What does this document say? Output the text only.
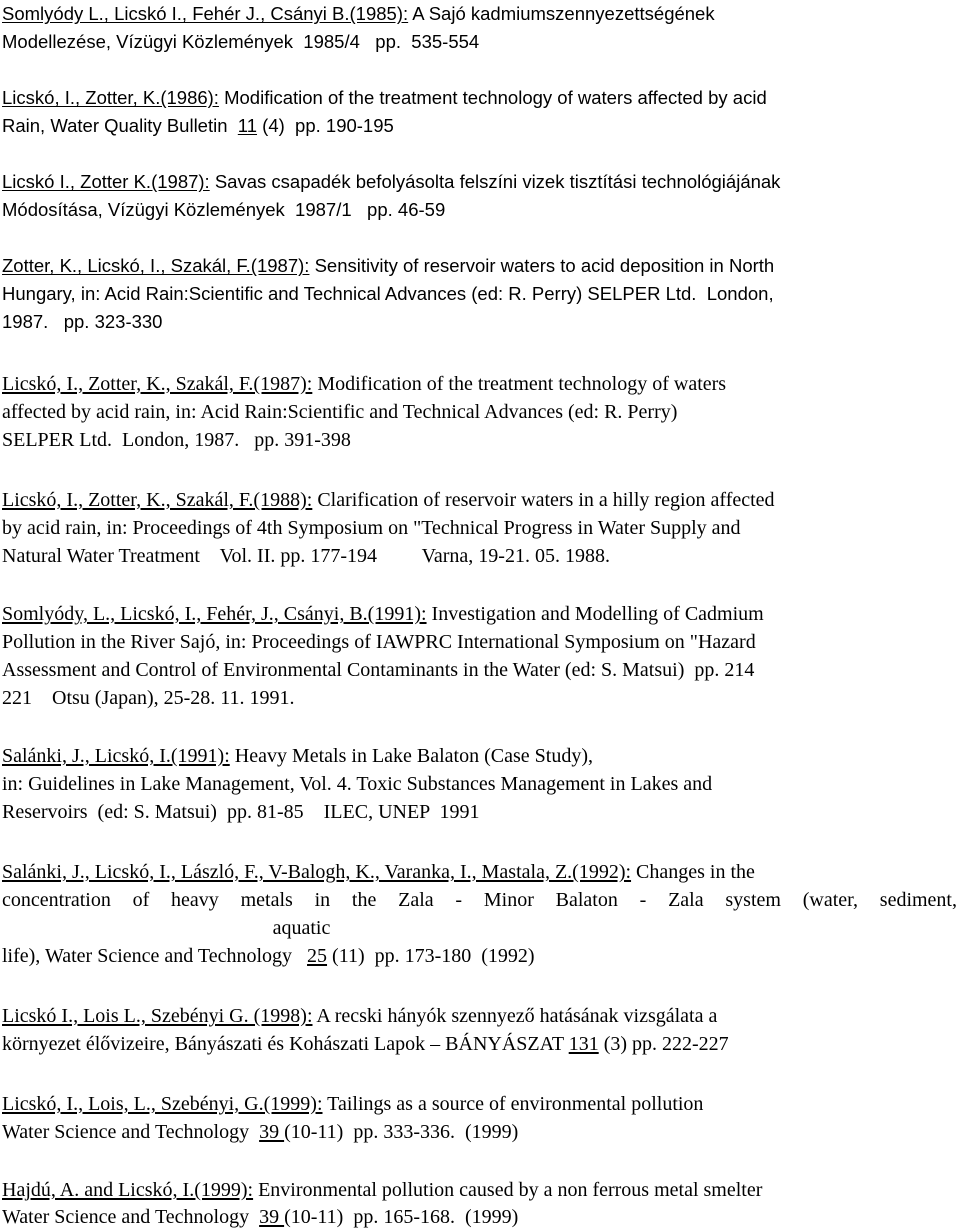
Somlyódy L., Licskó I., Fehér J., Csányi B.(1985): A Sajó kadmiumszennyezettségének
Modellezése, Vízügyi Közlemények  1985/4   pp.  535-554
Licskó, I., Zotter, K.(1986): Modification of the treatment technology of waters affected by acid
Rain, Water Quality Bulletin  11 (4)  pp. 190-195
Licskó I., Zotter K.(1987): Savas csapadék befolyásolta felszíni vizek tisztítási technológiájának
Módosítása, Vízügyi Közlemények  1987/1   pp. 46-59
Zotter, K., Licskó, I., Szakál, F.(1987): Sensitivity of reservoir waters to acid deposition in North
Hungary, in: Acid Rain:Scientific and Technical Advances (ed: R. Perry) SELPER Ltd.  London,
1987.   pp. 323-330
Licskó, I., Zotter, K., Szakál, F.(1987): Modification of the treatment technology of waters
affected by acid rain, in: Acid Rain:Scientific and Technical Advances (ed: R. Perry)
SELPER Ltd.  London, 1987.   pp. 391-398
Licskó, I., Zotter, K., Szakál, F.(1988): Clarification of reservoir waters in a hilly region affected
by acid rain, in: Proceedings of 4th Symposium on "Technical Progress in Water Supply and
Natural Water Treatment    Vol. II. pp. 177-194         Varna, 19-21. 05. 1988.
Somlyódy, L., Licskó, I., Fehér, J., Csányi, B.(1991): Investigation and Modelling of Cadmium
Pollution in the River Sajó, in: Proceedings of IAWPRC International Symposium on "Hazard
Assessment and Control of Environmental Contaminants in the Water (ed: S. Matsui)  pp. 214
221    Otsu (Japan), 25-28. 11. 1991.
Salánki, J., Licskó, I.(1991): Heavy Metals in Lake Balaton (Case Study),
in: Guidelines in Lake Management, Vol. 4. Toxic Substances Management in Lakes and
Reservoirs  (ed: S. Matsui)  pp. 81-85    ILEC, UNEP  1991
Salánki, J., Licskó, I., László, F., V-Balogh, K., Varanka, I., Mastala, Z.(1992): Changes in the
concentration of heavy metals in the Zala - Minor Balaton - Zala system (water, sediment,
aquatic
life), Water Science and Technology   25 (11)  pp. 173-180  (1992)
Licskó I., Lois L., Szebényi G. (1998): A recski hányók szennyező hatásának vizsgálata a
környezet élővizeire, Bányászati és Kohászati Lapok – BÁNYÁSZAT 131 (3) pp. 222-227
Licskó, I., Lois, L., Szebényi, G.(1999): Tailings as a source of environmental pollution
Water Science and Technology  39 (10-11)  pp. 333-336.  (1999)
Hajdú, A. and Licskó, I.(1999): Environmental pollution caused by a non ferrous metal smelter
Water Science and Technology  39 (10-11)  pp. 165-168.  (1999)
